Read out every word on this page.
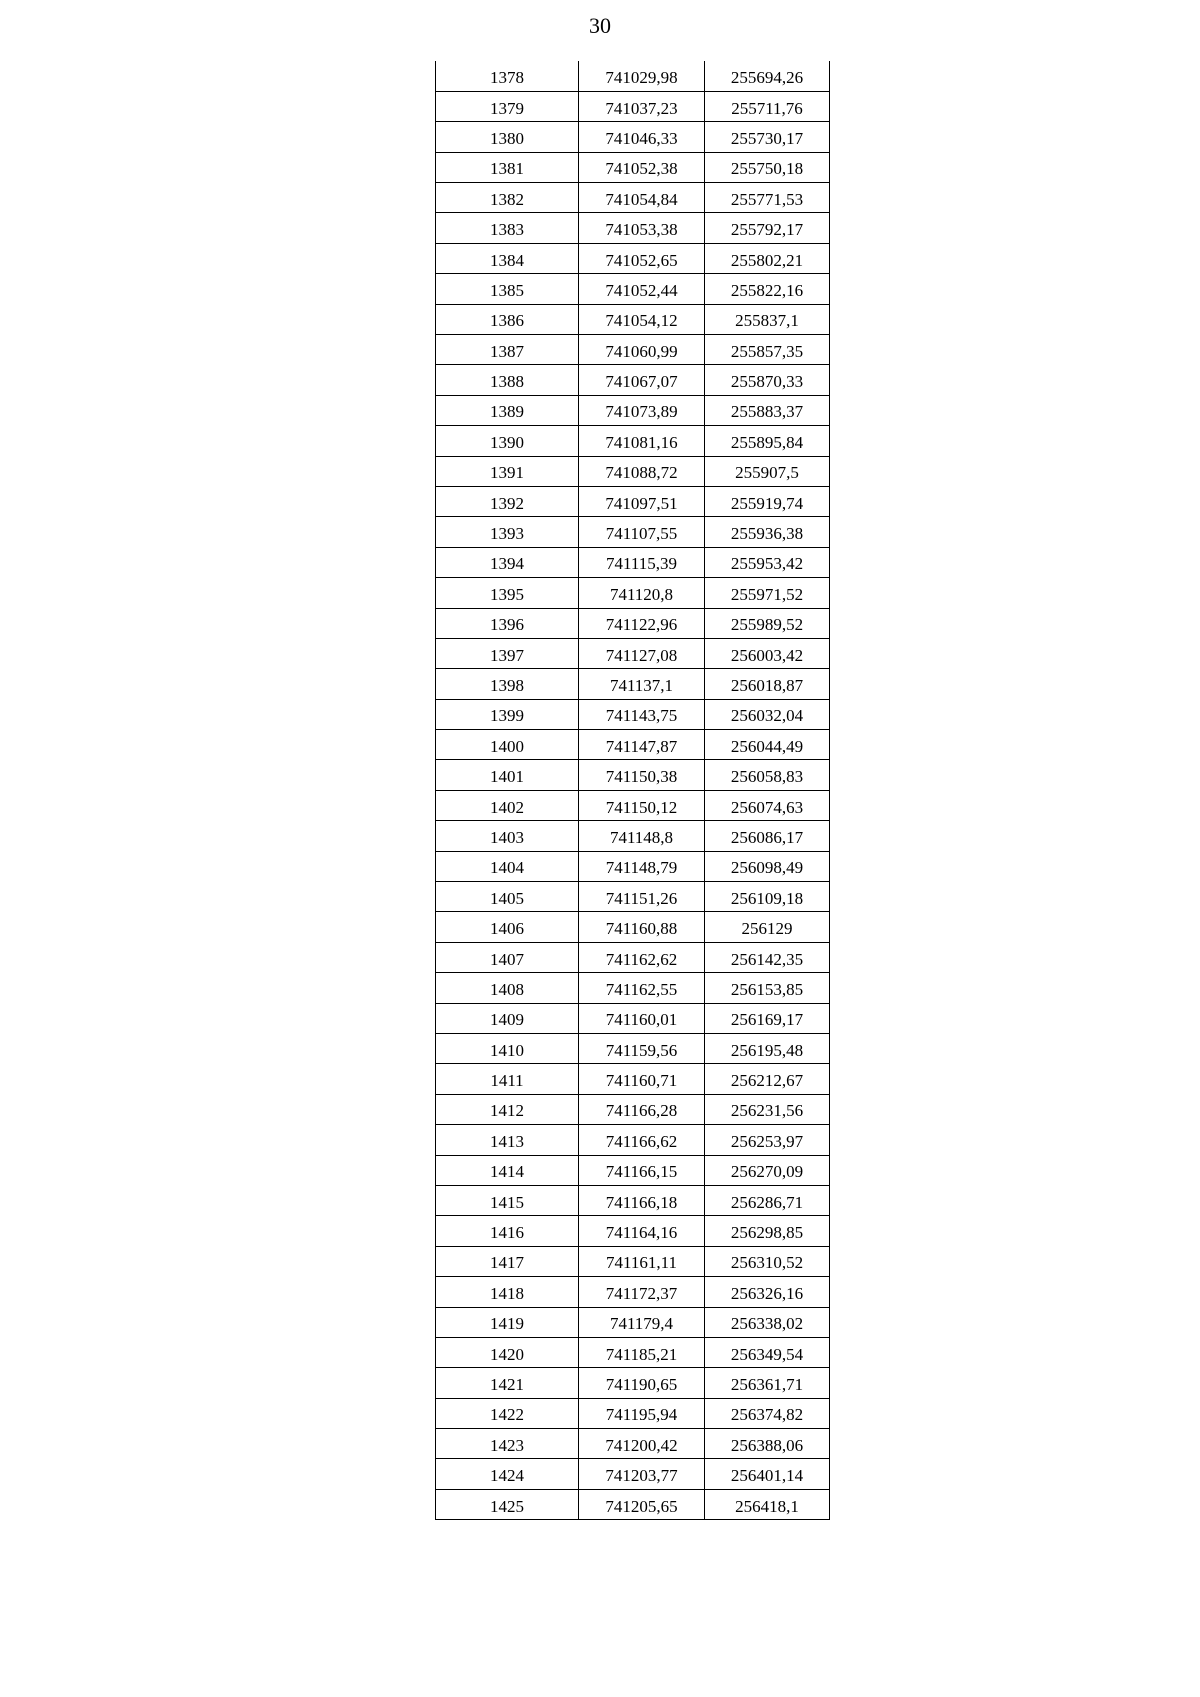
30
1378	741029,98	255694,26
1379	741037,23	255711,76
1380	741046,33	255730,17
1381	741052,38	255750,18
1382	741054,84	255771,53
1383	741053,38	255792,17
1384	741052,65	255802,21
1385	741052,44	255822,16
1386	741054,12	255837,1
1387	741060,99	255857,35
1388	741067,07	255870,33
1389	741073,89	255883,37
1390	741081,16	255895,84
1391	741088,72	255907,5
1392	741097,51	255919,74
1393	741107,55	255936,38
1394	741115,39	255953,42
1395	741120,8	255971,52
1396	741122,96	255989,52
1397	741127,08	256003,42
1398	741137,1	256018,87
1399	741143,75	256032,04
1400	741147,87	256044,49
1401	741150,38	256058,83
1402	741150,12	256074,63
1403	741148,8	256086,17
1404	741148,79	256098,49
1405	741151,26	256109,18
1406	741160,88	256129
1407	741162,62	256142,35
1408	741162,55	256153,85
1409	741160,01	256169,17
1410	741159,56	256195,48
1411	741160,71	256212,67
1412	741166,28	256231,56
1413	741166,62	256253,97
1414	741166,15	256270,09
1415	741166,18	256286,71
1416	741164,16	256298,85
1417	741161,11	256310,52
1418	741172,37	256326,16
1419	741179,4	256338,02
1420	741185,21	256349,54
1421	741190,65	256361,71
1422	741195,94	256374,82
1423	741200,42	256388,06
1424	741203,77	256401,14
1425	741205,65	256418,1
